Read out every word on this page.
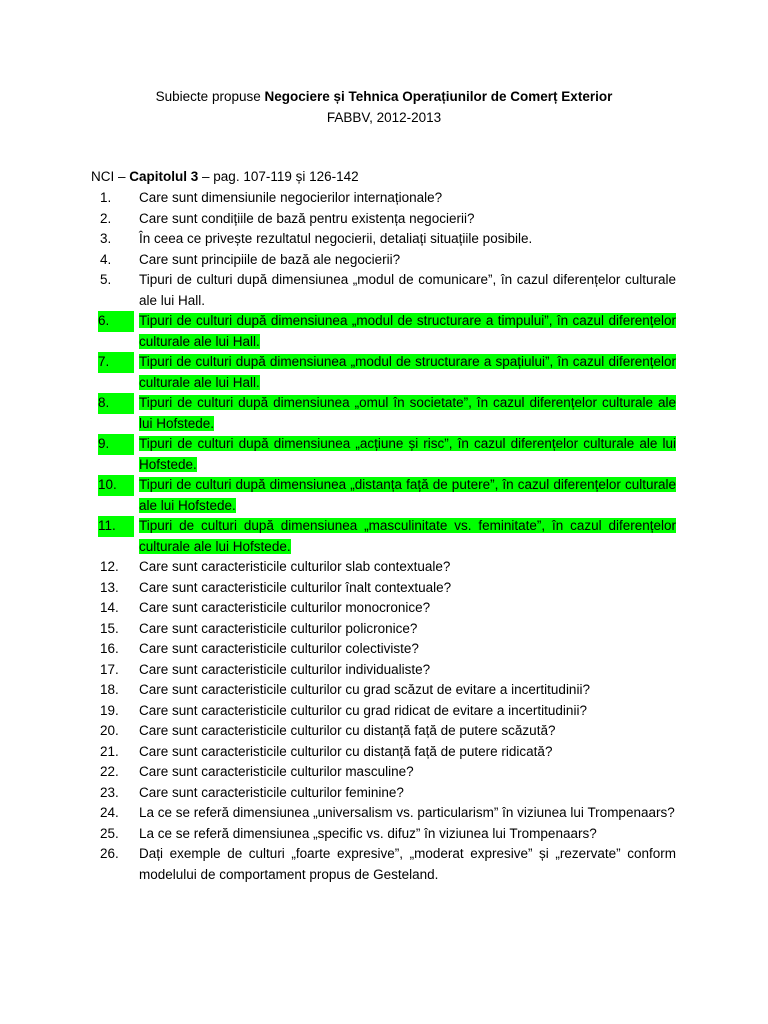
Subiecte propuse Negociere și Tehnica Operațiunilor de Comerț Exterior
FABBV, 2012-2013
NCI – Capitolul 3 – pag. 107-119 și 126-142
1.	Care sunt dimensiunile negocierilor internaționale?
2.	Care sunt condițiile de bază pentru existența negocierii?
3.	În ceea ce privește rezultatul negocierii, detaliați situațiile posibile.
4.	Care sunt principiile de bază ale negocierii?
5.	Tipuri de culturi după dimensiunea „modul de comunicare”, în cazul diferențelor culturale ale lui Hall.
6.	Tipuri de culturi după dimensiunea „modul de structurare a timpului”, în cazul diferențelor culturale ale lui Hall.
7.	Tipuri de culturi după dimensiunea „modul de structurare a spațiului”, în cazul diferențelor culturale ale lui Hall.
8.	Tipuri de culturi după dimensiunea „omul în societate”, în cazul diferențelor culturale ale lui Hofstede.
9.	Tipuri de culturi după dimensiunea „acțiune și risc”, în cazul diferențelor culturale ale lui Hofstede.
10.	Tipuri de culturi după dimensiunea „distanța față de putere”, în cazul diferențelor culturale ale lui Hofstede.
11.	Tipuri de culturi după dimensiunea „masculinitate vs. feminitate”, în cazul diferențelor culturale ale lui Hofstede.
12.	Care sunt caracteristicile culturilor slab contextuale?
13.	Care sunt caracteristicile culturilor înalt contextuale?
14.	Care sunt caracteristicile culturilor monocronice?
15.	Care sunt caracteristicile culturilor policronice?
16.	Care sunt caracteristicile culturilor colectiviste?
17.	Care sunt caracteristicile culturilor individualiste?
18.	Care sunt caracteristicile culturilor cu grad scăzut de evitare a incertitudinii?
19.	Care sunt caracteristicile culturilor cu grad ridicat de evitare a incertitudinii?
20.	Care sunt caracteristicile culturilor cu distanță față de putere scăzută?
21.	Care sunt caracteristicile culturilor cu distanță față de putere ridicată?
22.	Care sunt caracteristicile culturilor masculine?
23.	Care sunt caracteristicile culturilor feminine?
24.	La ce se referă dimensiunea „universalism vs. particularism” în viziunea lui Trompenaars?
25.	La ce se referă dimensiunea „specific vs. difuz” în viziunea lui Trompenaars?
26.	Dați exemple de culturi „foarte expresive”, „moderat expresive” și „rezervate” conform modelului de comportament propus de Gesteland.
